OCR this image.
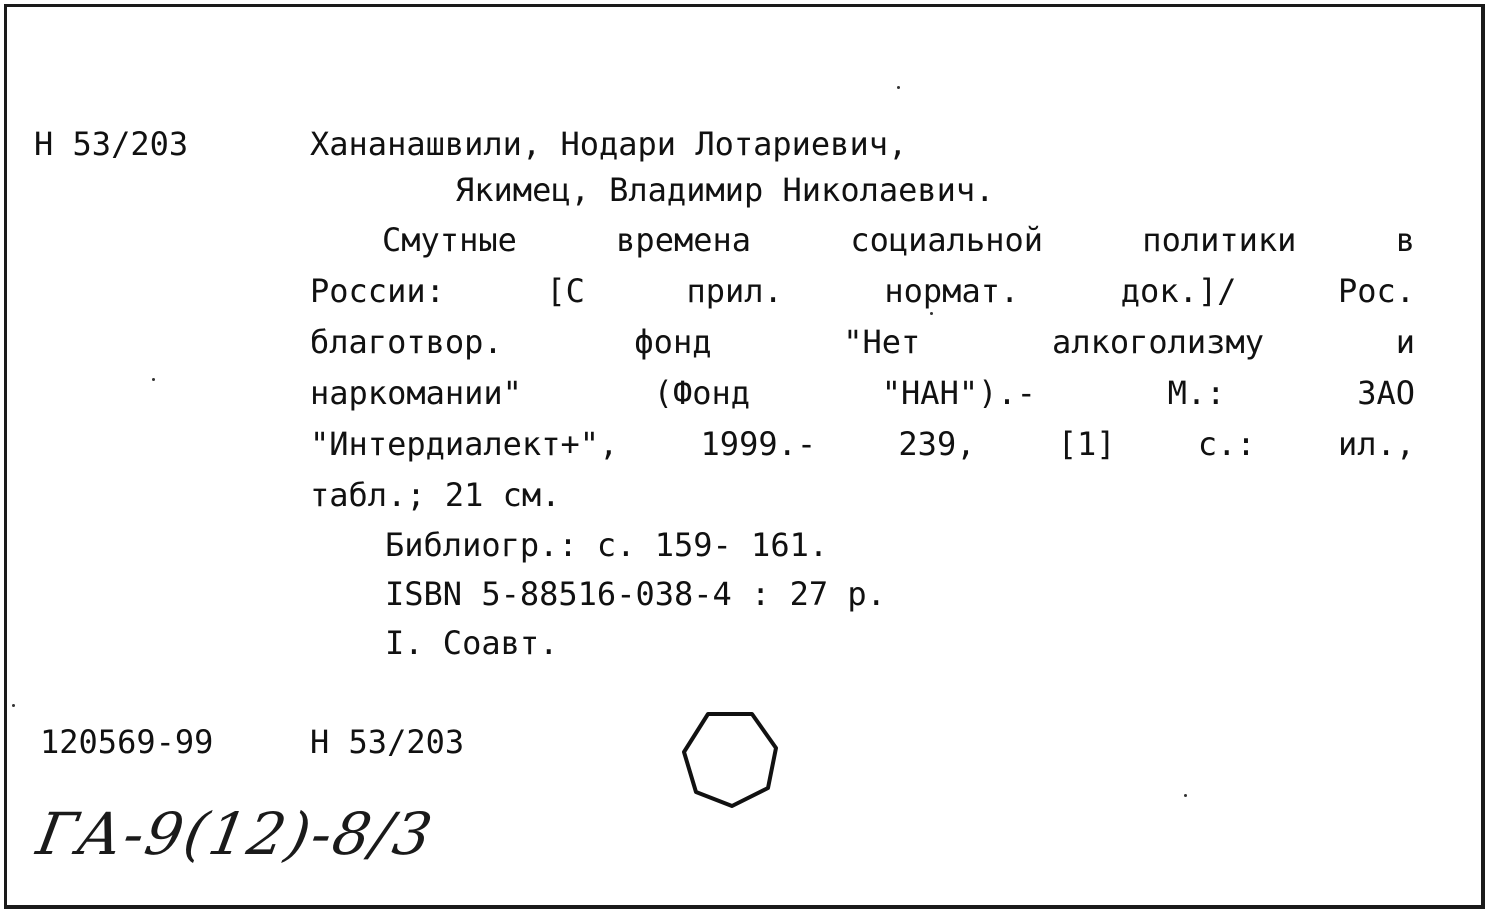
Н 53/203	Хананашвили, Нодари Лотариевич,
Якимец, Владимир Николаевич.
Смутные времена социальной политики в
России: [С прил. нормат. док.]/ Рос.
благотвор. фонд "Нет алкоголизму и
наркомании" (Фонд "НАН").- М.: ЗАО
"Интердиалект+", 1999.- 239, [1] с.: ил.,
табл.; 21 см.
Библиогр.: с. 159- 161.
ISBN 5-88516-038-4 : 27 р.
I. Соавт.
120569-99	Н 53/203
ГА-9(12)-8/3
